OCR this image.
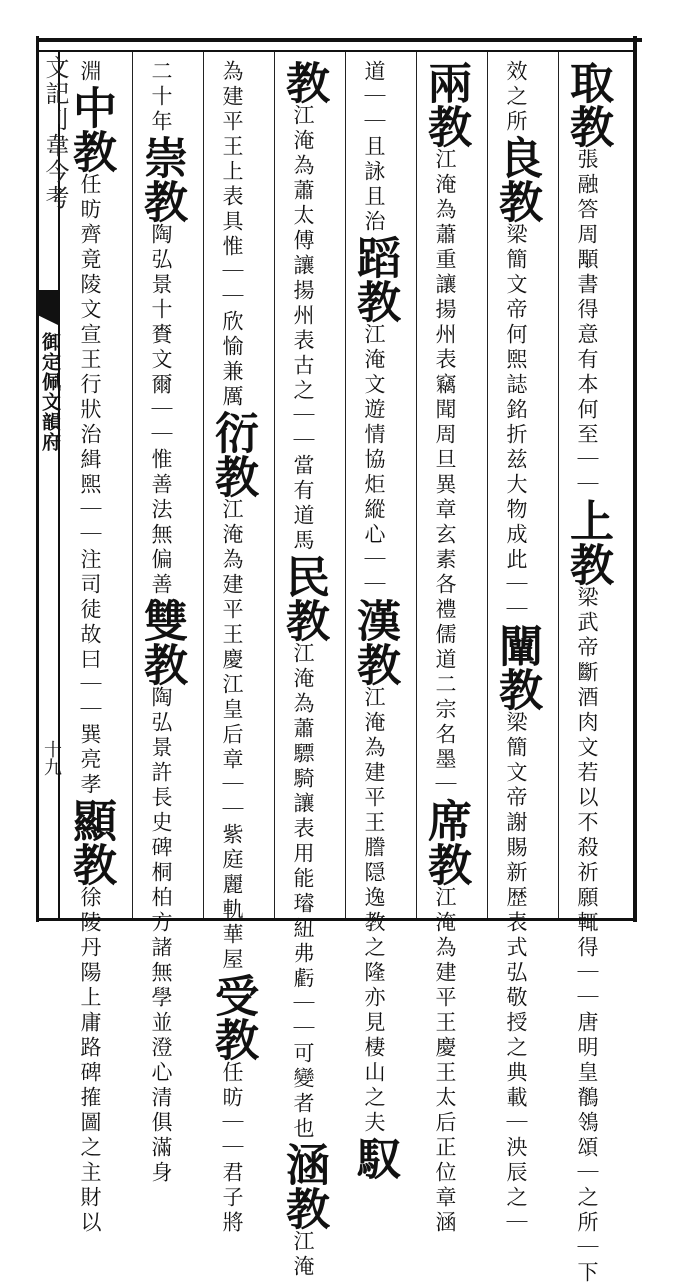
文記刂韋今考
御定佩文韻府
十九
取教張融答周顒書得意有本何至｜｜上教梁武帝斷酒肉文若以不殺祈願輒得｜｜唐明皇鶺鴒頌｜之所｜下
效之所良教梁簡文帝何煕誌銘折兹大物成此｜｜闡教梁簡文帝謝賜新歴表式弘敬授之典載｜泱辰之｜
兩教江淹為蕭重讓揚州表竊聞周旦異章玄素各禮儒道二宗名墨｜席教江淹為建平王慶王太后正位章涵
道｜｜且詠且治蹈教江淹文遊情協炬縱心｜｜漢教江淹為建平王謄隠逸教之隆亦見棲山之夫馭
教江淹為蕭太傅讓揚州表古之｜｜當有道馬民教江淹為蕭驃騎讓表用能璿紐弗虧｜｜可變者也涵教江淹
為建平王上表具惟｜｜欣愉兼厲衍教江淹為建平王慶江皇后章｜｜紫庭麗軌華屋受教任昉｜｜君子將
二十年崇教陶弘景十賚文爾｜｜惟善法無偏善雙教陶弘景許長史碑桐柏方諸無學並澄心清俱滿身
淵中教任昉齊竟陵文宣王行狀治緝煕｜｜注司徒故曰｜｜巽亮孝顯教徐陵丹陽上庸路碑搉圖之主財以
